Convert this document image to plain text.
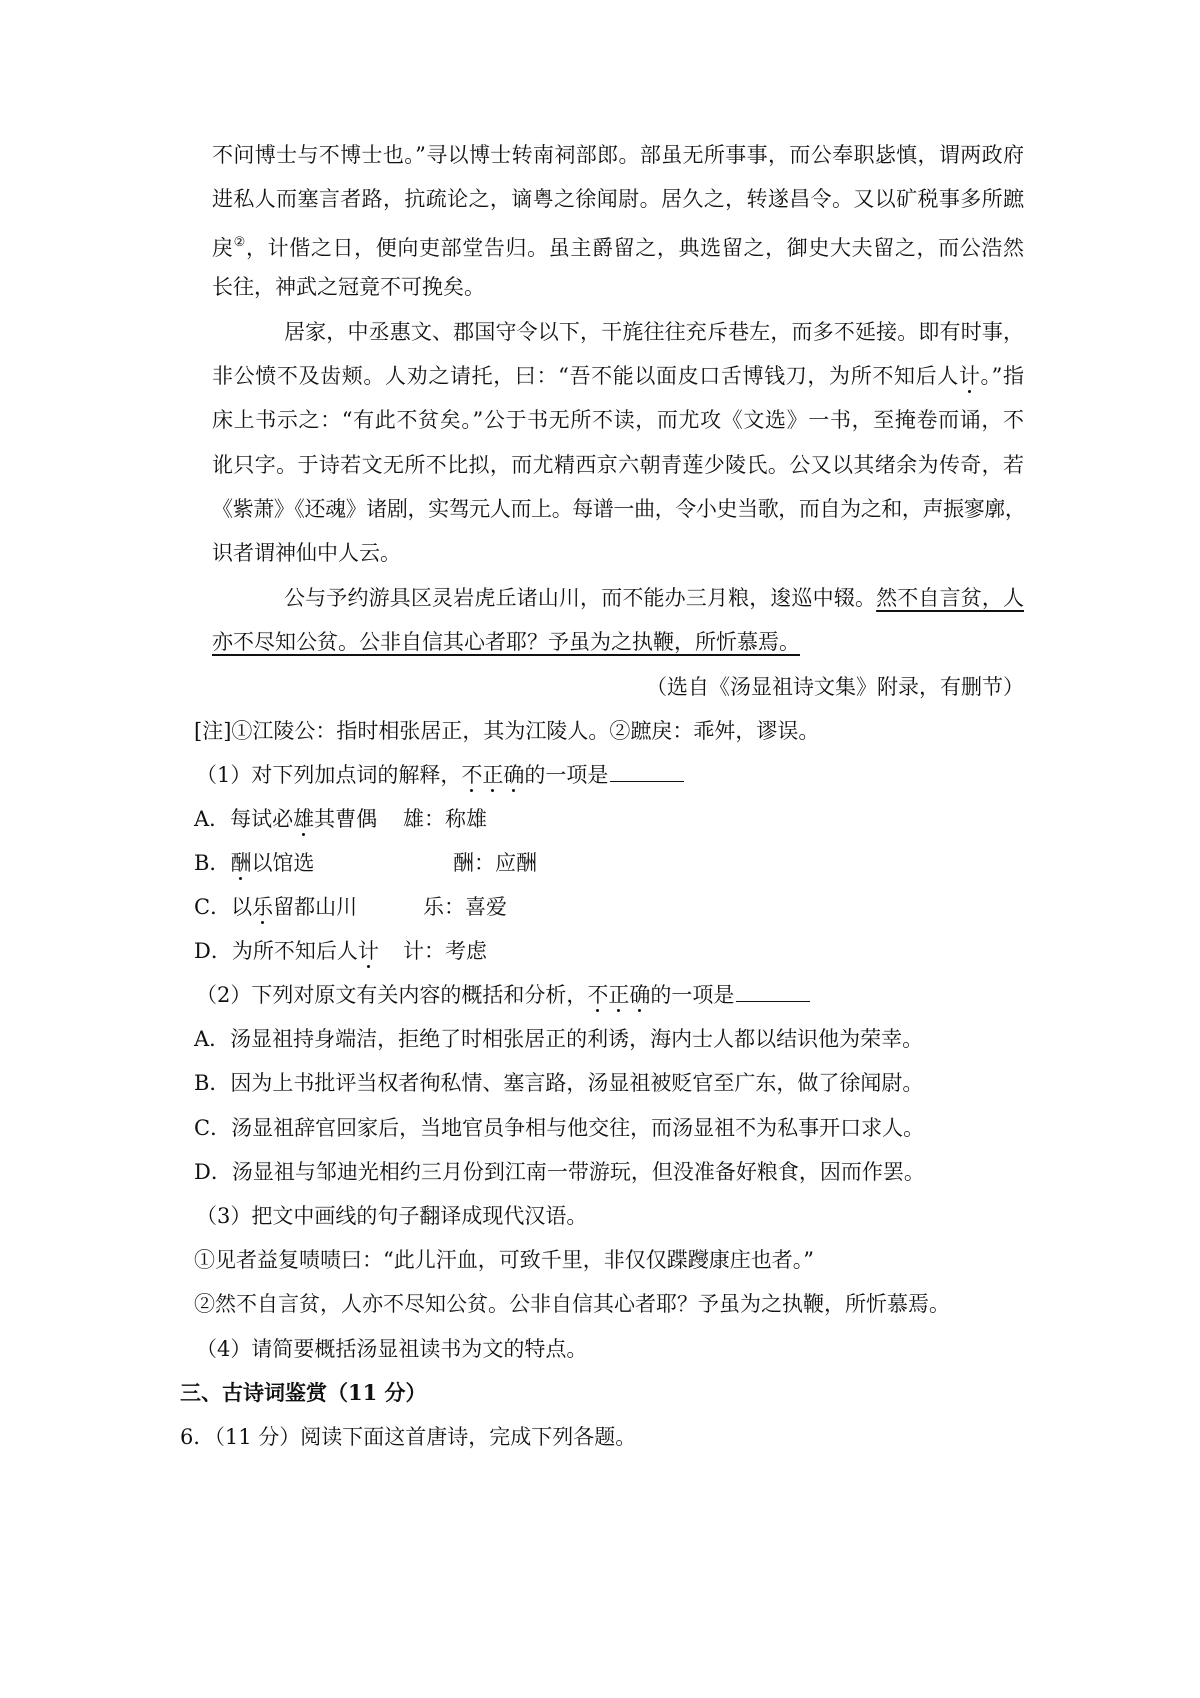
不问博士与不博士也。”寻以博士转南祠部郎。部虽无所事事，而公奉职毖慎，谓两政府
进私人而塞言者路，抗疏论之，谪粤之徐闻尉。居久之，转遂昌令。又以矿税事多所蹠
戾②，计偕之日，便向吏部堂告归。虽主爵留之，典选留之，御史大夫留之，而公浩然
长往，神武之冠竟不可挽矣。
居家，中丞惠文、郡国守令以下，干旄往往充斥巷左，而多不延接。即有时事，
非公愤不及齿颊。人劝之请托，曰：“吾不能以面皮口舌博钱刀，为所不知后人计。”指
床上书示之：“有此不贫矣。”公于书无所不读，而尤攻《文选》一书，至掩卷而诵，不
讹只字。于诗若文无所不比拟，而尤精西京六朝青莲少陵氏。公又以其绪余为传奇，若
《紫萧》《还魂》诸剧，实驾元人而上。每谱一曲，令小史当歌，而自为之和，声振寥廓，
识者谓神仙中人云。
公与予约游具区灵岩虎丘诸山川，而不能办三月粮，逡巡中辍。然不自言贫，人
亦不尽知公贫。公非自信其心者耶？予虽为之执鞭，所忻慕焉。
（选自《汤显祖诗文集》附录，有删节）
[注]①江陵公：指时相张居正，其为江陵人。②蹠戾：乖舛，谬误。
（1）对下列加点词的解释，不正确的一项是
A．每试必雄其曹偶 雄：称雄
B．酬以馆选	酬：应酬
C．以乐留都山川	乐：喜爱
D．为所不知后人计 计：考虑
（2）下列对原文有关内容的概括和分析，不正确的一项是
A．汤显祖持身端洁，拒绝了时相张居正的利诱，海内士人都以结识他为荣幸。
B．因为上书批评当权者徇私情、塞言路，汤显祖被贬官至广东，做了徐闻尉。
C．汤显祖辞官回家后，当地官员争相与他交往，而汤显祖不为私事开口求人。
D．汤显祖与邹迪光相约三月份到江南一带游玩，但没准备好粮食，因而作罢。
（3）把文中画线的句子翻译成现代汉语。
①见者益复啧啧曰：“此儿汗血，可致千里，非仅仅蹀躞康庄也者。”
②然不自言贫，人亦不尽知公贫。公非自信其心者耶？予虽为之执鞭，所忻慕焉。
（4）请简要概括汤显祖读书为文的特点。
三、古诗词鉴赏（11 分）
6．（11 分）阅读下面这首唐诗，完成下列各题。
